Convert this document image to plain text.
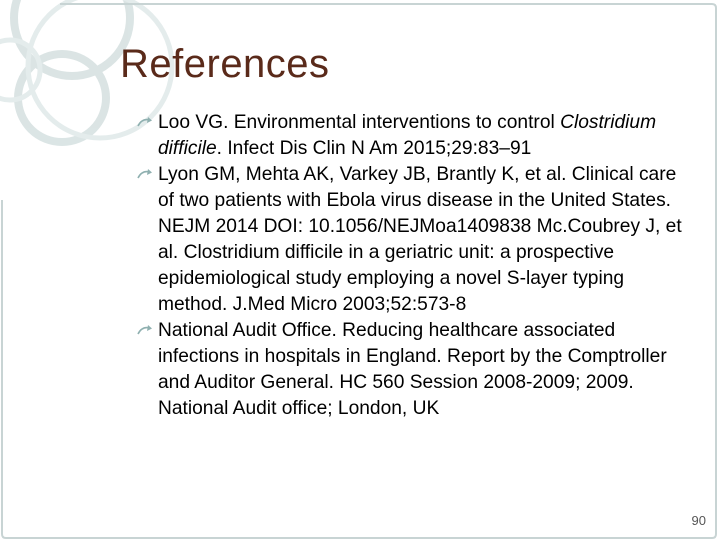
References
Loo VG. Environmental interventions to control Clostridium difficile. Infect Dis Clin N Am 2015;29:83–91
Lyon GM, Mehta AK, Varkey JB, Brantly K, et al. Clinical care of two patients with Ebola virus disease in the United States. NEJM 2014 DOI: 10.1056/NEJMoa1409838 Mc.Coubrey J, et al. Clostridium difficile in a geriatric unit: a prospective epidemiological study employing a novel S-layer typing method. J.Med Micro 2003;52:573-8
National Audit Office. Reducing healthcare associated infections in hospitals in England. Report by the Comptroller and Auditor General. HC 560 Session 2008-2009; 2009. National Audit office; London, UK
90
